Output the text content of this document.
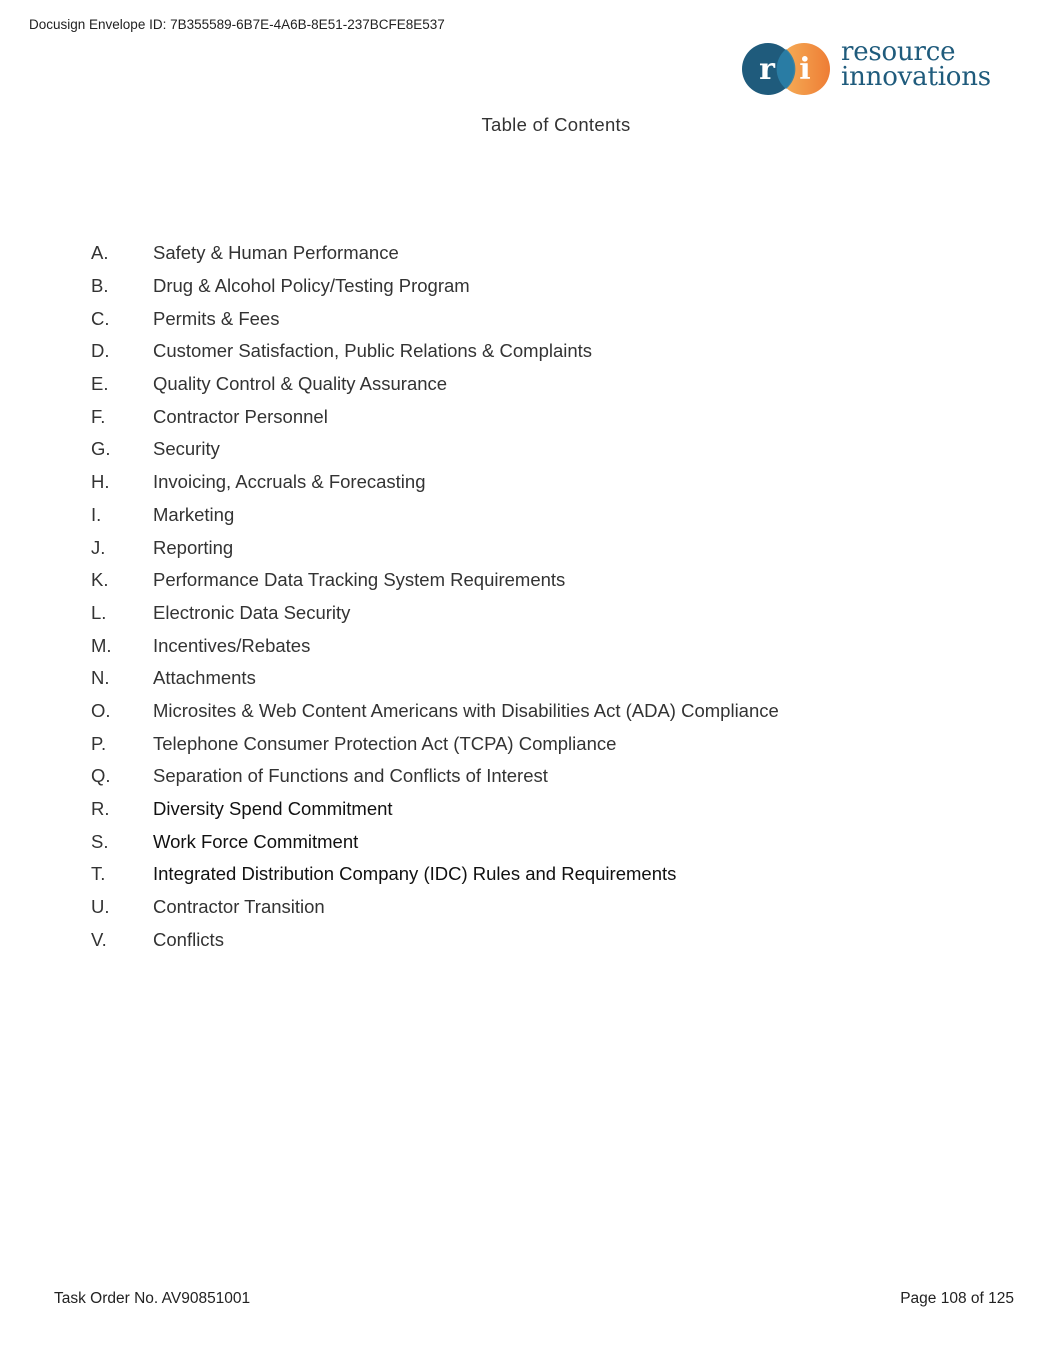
Docusign Envelope ID: 7B355589-6B7E-4A6B-8E51-237BCFE8E537
r i resource
innovations
Table of Contents
A.	Safety & Human Performance
B.	Drug & Alcohol Policy/Testing Program
C.	Permits & Fees
D.	Customer Satisfaction, Public Relations & Complaints
E.	Quality Control & Quality Assurance
F.	Contractor Personnel
G.	Security
H.	Invoicing, Accruals & Forecasting
I.	Marketing
J.	Reporting
K.	Performance Data Tracking System Requirements
L.	Electronic Data Security
M.	Incentives/Rebates
N.	Attachments
O.	Microsites & Web Content Americans with Disabilities Act (ADA) Compliance
P.	Telephone Consumer Protection Act (TCPA) Compliance
Q.	Separation of Functions and Conflicts of Interest
R.	Diversity Spend Commitment
S.	Work Force Commitment
T.	Integrated Distribution Company (IDC) Rules and Requirements
U.	Contractor Transition
V.	Conflicts
Task Order No. AV90851001	Page 108 of 125
